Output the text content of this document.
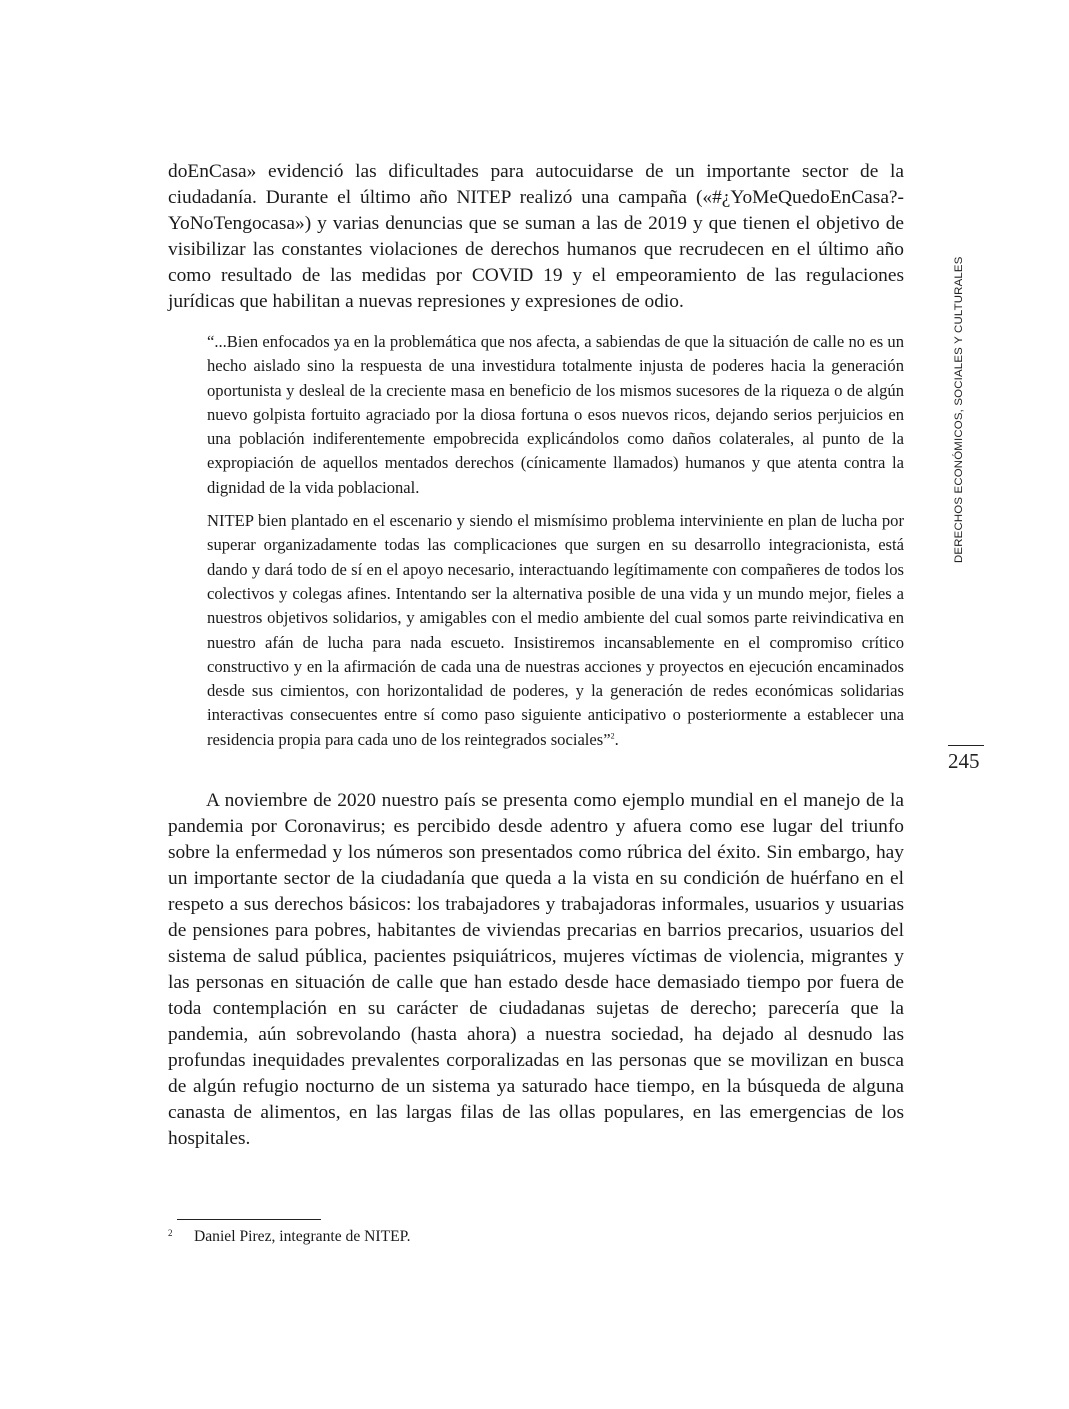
doEnCasa» evidenció las dificultades para autocuidarse de un importante sector de la ciudadanía. Durante el último año NITEP realizó una campaña («#¿YoMeQuedoEnCasa?-YoNoTengocasa») y varias denuncias que se suman a las de 2019 y que tienen el objetivo de visibilizar las constantes violaciones de derechos humanos que recrudecen en el último año como resultado de las medidas por COVID 19 y el empeoramiento de las regulaciones jurídicas que habilitan a nuevas represiones y expresiones de odio.

“...Bien enfocados ya en la problemática que nos afecta, a sabiendas de que la situación de calle no es un hecho aislado sino la respuesta de una investidura totalmente injusta de poderes hacia la generación oportunista y desleal de la creciente masa en beneficio de los mismos sucesores de la riqueza o de algún nuevo golpista fortuito agraciado por la diosa fortuna o esos nuevos ricos, dejando serios perjuicios en una población indiferentemente empobrecida explicándolos como daños colaterales, al punto de la expropiación de aquellos mentados derechos (cínicamente llamados) humanos y que atenta contra la dignidad de la vida poblacional.

NITEP bien plantado en el escenario y siendo el mismísimo problema interviniente en plan de lucha por superar organizadamente todas las complicaciones que surgen en su desarrollo integracionista, está dando y dará todo de sí en el apoyo necesario, interactuando legítimamente con compañeres de todos los colectivos y colegas afines. Intentando ser la alternativa posible de una vida y un mundo mejor, fieles a nuestros objetivos solidarios, y amigables con el medio ambiente del cual somos parte reivindicativa en nuestro afán de lucha para nada escueto. Insistiremos incansablemente en el compromiso crítico constructivo y en la afirmación de cada una de nuestras acciones y proyectos en ejecución encaminados desde sus cimientos, con horizontalidad de poderes, y la generación de redes económicas solidarias interactivas consecuentes entre sí como paso siguiente anticipativo o posteriormente a establecer una residencia propia para cada uno de los reintegrados sociales”$^2$.

A noviembre de 2020 nuestro país se presenta como ejemplo mundial en el manejo de la pandemia por Coronavirus; es percibido desde adentro y afuera como ese lugar del triunfo sobre la enfermedad y los números son presentados como rúbrica del éxito. Sin embargo, hay un importante sector de la ciudadanía que queda a la vista en su condición de huérfano en el respeto a sus derechos básicos: los trabajadores y trabajadoras informales, usuarios y usuarias de pensiones para pobres, habitantes de viviendas precarias en barrios precarios, usuarios del sistema de salud pública, pacientes psiquiátricos, mujeres víctimas de violencia, migrantes y las personas en situación de calle que han estado desde hace demasiado tiempo por fuera de toda contemplación en su carácter de ciudadanas sujetas de derecho; parecería que la pandemia, aún sobrevolando (hasta ahora) a nuestra sociedad, ha dejado al desnudo las profundas inequidades prevalentes corporalizadas en las personas que se movilizan en busca de algún refugio nocturno de un sistema ya saturado hace tiempo, en la búsqueda de alguna canasta de alimentos, en las largas filas de las ollas populares, en las emergencias de los hospitales.

DERECHOS ECONÓMICOS, SOCIALES Y CULTURALES
245
2 Daniel Pirez, integrante de NITEP.
